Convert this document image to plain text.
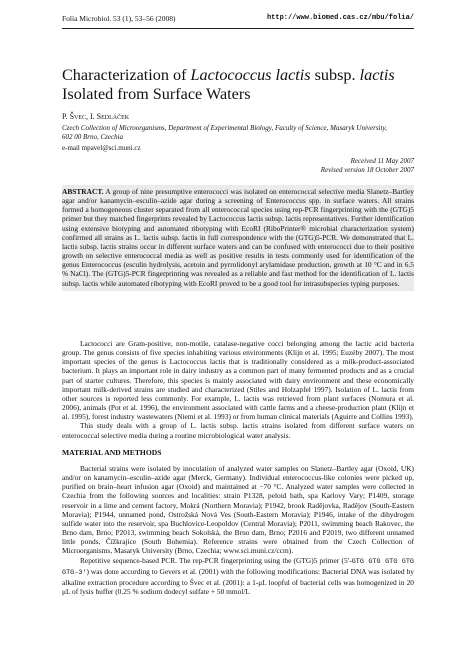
Folia Microbiol. 53 (1), 53–56 (2008)	http://www.biomed.cas.cz/mbu/folia/
Characterization of Lactococcus lactis subsp. lactis
Isolated from Surface Waters
P. Švec, I. Sedláček
Czech Collection of Microorganisms, Department of Experimental Biology, Faculty of Science, Masaryk University,
602 00 Brno, Czechia
e-mail mpavel@sci.muni.cz
Received 11 May 2007
Revised version 18 October 2007
ABSTRACT. A group of nine presumptive enterococci was isolated on enterococcal selective media Slanetz–Bartley agar and/or kanamycin–esculin–azide agar during a screening of Enterococcus spp. in surface waters. All strains formed a homogeneous cluster separated from all enterococcal species using rep-PCR fingerprinting with the (GTG)5 primer but they matched fingerprints revealed by Lactococcus lactis subsp. lactis representatives. Further identification using extensive biotyping and automated ribotyping with EcoRI (RiboPrinter® microbial characterization system) confirmed all strains as L. lactis subsp. lactis in full correspondence with the (GTG)5-PCR. We demonstrated that L. lactis subsp. lactis strains occur in different surface waters and can be confused with enterococci due to their positive growth on selective enterococcal media as well as positive results in tests commonly used for identification of the genus Enterococcus (esculin hydrolysis, acetoin and pyrrolidonyl arylamidase production, growth at 10 °C and in 6.5 % NaCl). The (GTG)5-PCR fingerprinting was revealed as a reliable and fast method for the identification of L. lactis subsp. lactis while automated ribotyping with EcoRI proved to be a good tool for intrasubspecies typing purposes.

Lactococci are Gram-positive, non-motile, catalase-negative cocci belonging among the lactic acid bacteria group. The genus consists of five species inhabiting various environments (Klijn et al. 1995; Euzéby 2007). The most important species of the genus is Lactococcus lactis that is traditionally considered as a milk-product-associated bacterium. It plays an important role in dairy industry as a common part of many fermented products and as a crucial part of starter cultures. Therefore, this species is mainly associated with dairy environment and these economically important milk-derived strains are studied and characterized (Stiles and Holzapfel 1997). Isolation of L. lactis from other sources is reported less commonly. For example, L. lactis was retrieved from plant surfaces (Nomura et al. 2006), animals (Pot et al. 1996), the environment associated with cattle farms and a cheese-production plant (Klijn et al. 1995), forest industry wastewaters (Niemi et al. 1993) or from human clinical materials (Aguirre and Collins 1993).

This study deals with a group of L. lactis subsp. lactis strains isolated from different surface waters on enterococcal selective media during a routine microbiological water analysis.

MATERIAL AND METHODS

Bacterial strains were isolated by inoculation of analyzed water samples on Slanetz–Bartley agar (Oxoid, UK) and/or on kanamycin–esculin–azide agar (Merck, Germany). Individual enterococcus-like colonies were picked up, purified on brain–heart infusion agar (Oxoid) and maintained at −70 °C. Analyzed water samples were collected in Czechia from the following sources and localities: strain P1328, peloid bath, spa Karlovy Vary; P1409, storage reservoir in a lime and cement factory, Mokrá (Northern Moravia); P1942, brook Radějovka, Radějov (South-Eastern Moravia); P1944, unnamed pond, Ostrožská Nová Ves (South-Eastern Moravia); P1946, intake of the dihydrogen sulfide water into the reservoir, spa Buchlovice-Leopoldov (Central Moravia); P2011, swimming beach Rakovec, the Brno dam, Brno; P2013, swimming beach Sokolská, the Brno dam, Brno; P2016 and P2019, two different unnamed little ponds, Čížkrajice (South Bohemia). Reference strains were obtained from the Czech Collection of Microorganisms, Masaryk University (Brno, Czechia; www.sci.muni.cz/ccm).

Repetitive sequence-based PCR. The rep-PCR fingerprinting using the (GTG)5 primer (5′-GTG GTG GTG GTG GTG-3′) was done according to Gevers et al. (2001) with the following modifications: Bacterial DNA was isolated by alkaline extraction procedure according to Švec et al. (2001): a 1-μL loopful of bacterial cells was homogenized in 20 μL of lysis buffer (0.25 % sodium dodecyl sulfate + 50 mmol/L
